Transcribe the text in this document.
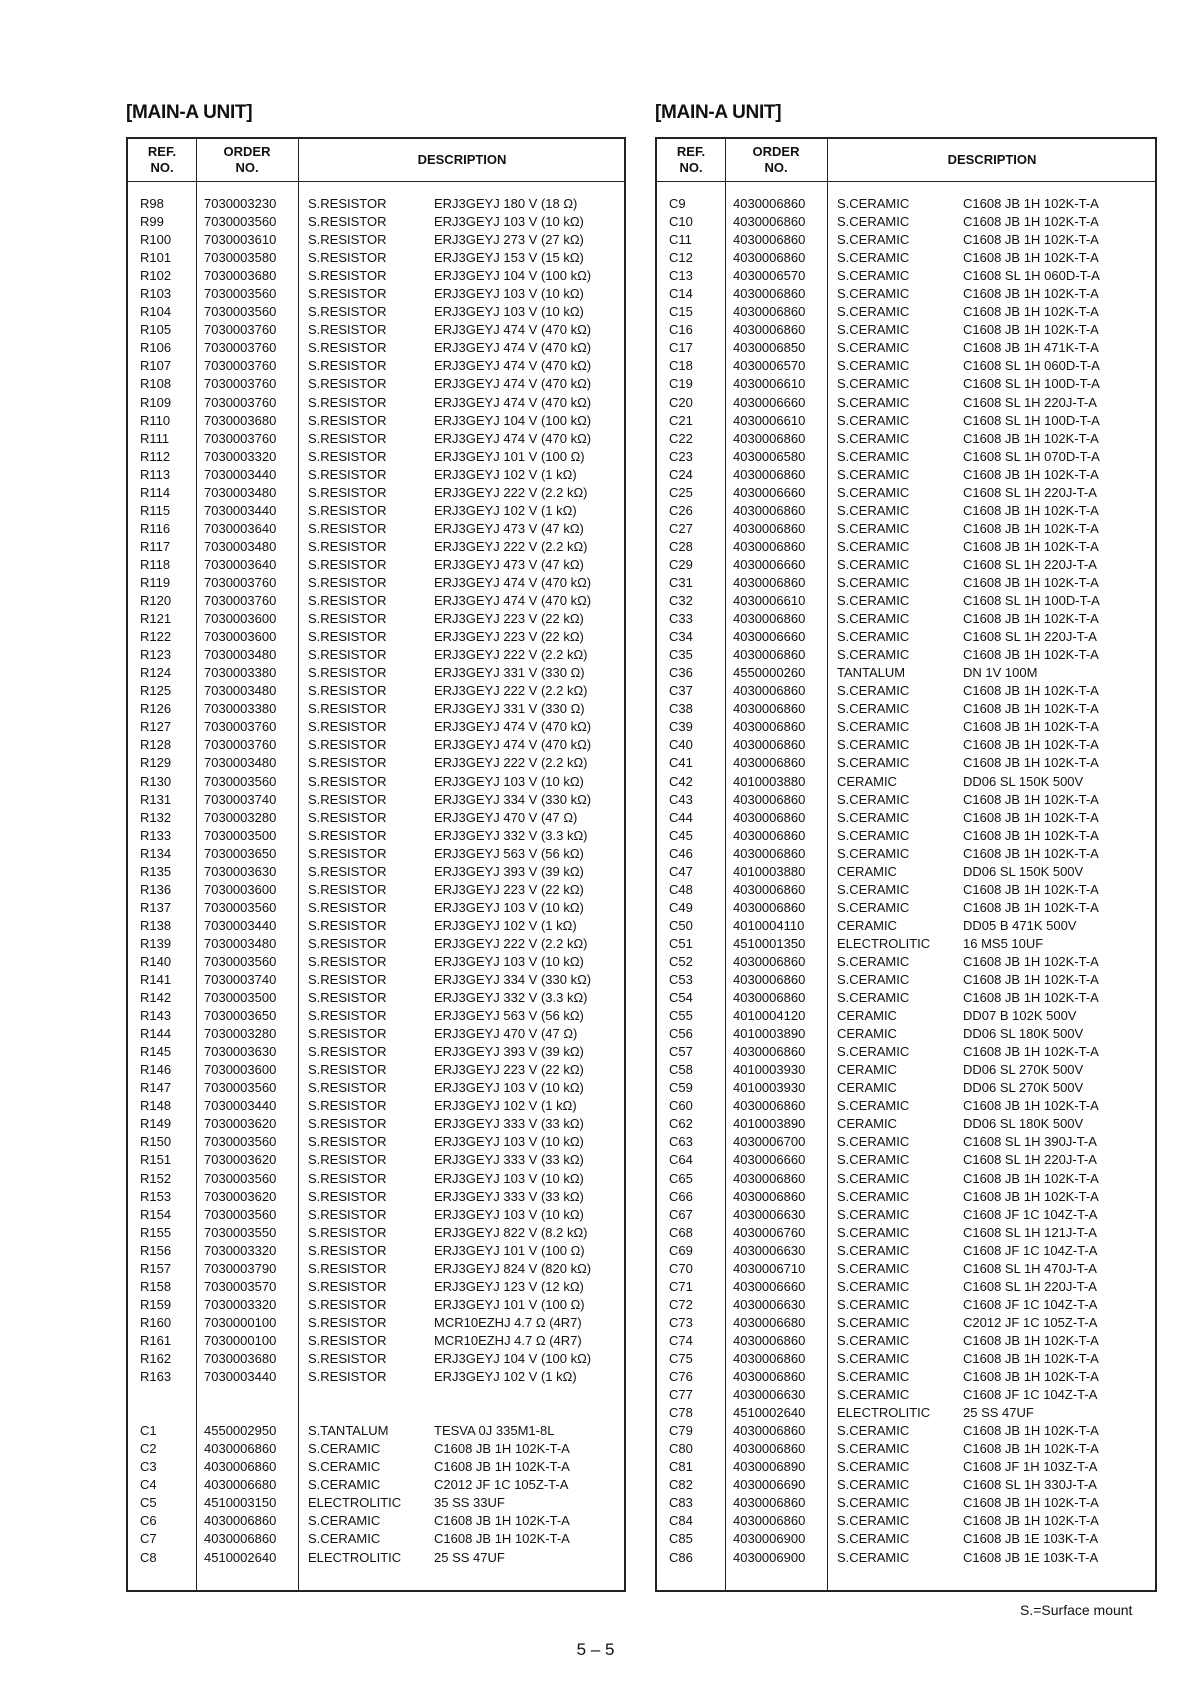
[MAIN-A UNIT]	[MAIN-A UNIT]
REF.
NO.
ORDER
NO.
DESCRIPTION
R98	7030003230 S.RESISTOR	ERJ3GEYJ 180 V (18 Ω)
R99	7030003560 S.RESISTOR	ERJ3GEYJ 103 V (10 kΩ)
R100	7030003610 S.RESISTOR	ERJ3GEYJ 273 V (27 kΩ)
R101	7030003580 S.RESISTOR	ERJ3GEYJ 153 V (15 kΩ)
R102	7030003680 S.RESISTOR	ERJ3GEYJ 104 V (100 kΩ)
R103	7030003560 S.RESISTOR	ERJ3GEYJ 103 V (10 kΩ)
R104	7030003560 S.RESISTOR	ERJ3GEYJ 103 V (10 kΩ)
R105	7030003760 S.RESISTOR	ERJ3GEYJ 474 V (470 kΩ)
R106	7030003760 S.RESISTOR	ERJ3GEYJ 474 V (470 kΩ)
R107	7030003760 S.RESISTOR	ERJ3GEYJ 474 V (470 kΩ)
R108	7030003760 S.RESISTOR	ERJ3GEYJ 474 V (470 kΩ)
R109	7030003760 S.RESISTOR	ERJ3GEYJ 474 V (470 kΩ)
R110	7030003680 S.RESISTOR	ERJ3GEYJ 104 V (100 kΩ)
R111	7030003760 S.RESISTOR	ERJ3GEYJ 474 V (470 kΩ)
R112	7030003320 S.RESISTOR	ERJ3GEYJ 101 V (100 Ω)
R113	7030003440 S.RESISTOR	ERJ3GEYJ 102 V (1 kΩ)
R114	7030003480 S.RESISTOR	ERJ3GEYJ 222 V (2.2 kΩ)
R115	7030003440 S.RESISTOR	ERJ3GEYJ 102 V (1 kΩ)
R116	7030003640 S.RESISTOR	ERJ3GEYJ 473 V (47 kΩ)
R117	7030003480 S.RESISTOR	ERJ3GEYJ 222 V (2.2 kΩ)
R118	7030003640 S.RESISTOR	ERJ3GEYJ 473 V (47 kΩ)
R119	7030003760 S.RESISTOR	ERJ3GEYJ 474 V (470 kΩ)
R120	7030003760 S.RESISTOR	ERJ3GEYJ 474 V (470 kΩ)
R121	7030003600 S.RESISTOR	ERJ3GEYJ 223 V (22 kΩ)
R122	7030003600 S.RESISTOR	ERJ3GEYJ 223 V (22 kΩ)
R123	7030003480 S.RESISTOR	ERJ3GEYJ 222 V (2.2 kΩ)
R124	7030003380 S.RESISTOR	ERJ3GEYJ 331 V (330 Ω)
R125	7030003480 S.RESISTOR	ERJ3GEYJ 222 V (2.2 kΩ)
R126	7030003380 S.RESISTOR	ERJ3GEYJ 331 V (330 Ω)
R127	7030003760 S.RESISTOR	ERJ3GEYJ 474 V (470 kΩ)
R128	7030003760 S.RESISTOR	ERJ3GEYJ 474 V (470 kΩ)
R129	7030003480 S.RESISTOR	ERJ3GEYJ 222 V (2.2 kΩ)
R130	7030003560 S.RESISTOR	ERJ3GEYJ 103 V (10 kΩ)
R131	7030003740 S.RESISTOR	ERJ3GEYJ 334 V (330 kΩ)
R132	7030003280 S.RESISTOR	ERJ3GEYJ 470 V (47 Ω)
R133	7030003500 S.RESISTOR	ERJ3GEYJ 332 V (3.3 kΩ)
R134	7030003650 S.RESISTOR	ERJ3GEYJ 563 V (56 kΩ)
R135	7030003630 S.RESISTOR	ERJ3GEYJ 393 V (39 kΩ)
R136	7030003600 S.RESISTOR	ERJ3GEYJ 223 V (22 kΩ)
R137	7030003560 S.RESISTOR	ERJ3GEYJ 103 V (10 kΩ)
R138	7030003440 S.RESISTOR	ERJ3GEYJ 102 V (1 kΩ)
R139	7030003480 S.RESISTOR	ERJ3GEYJ 222 V (2.2 kΩ)
R140	7030003560 S.RESISTOR	ERJ3GEYJ 103 V (10 kΩ)
R141	7030003740 S.RESISTOR	ERJ3GEYJ 334 V (330 kΩ)
R142	7030003500 S.RESISTOR	ERJ3GEYJ 332 V (3.3 kΩ)
R143	7030003650 S.RESISTOR	ERJ3GEYJ 563 V (56 kΩ)
R144	7030003280 S.RESISTOR	ERJ3GEYJ 470 V (47 Ω)
R145	7030003630 S.RESISTOR	ERJ3GEYJ 393 V (39 kΩ)
R146	7030003600 S.RESISTOR	ERJ3GEYJ 223 V (22 kΩ)
R147	7030003560 S.RESISTOR	ERJ3GEYJ 103 V (10 kΩ)
R148	7030003440 S.RESISTOR	ERJ3GEYJ 102 V (1 kΩ)
R149	7030003620 S.RESISTOR	ERJ3GEYJ 333 V (33 kΩ)
R150	7030003560 S.RESISTOR	ERJ3GEYJ 103 V (10 kΩ)
R151	7030003620 S.RESISTOR	ERJ3GEYJ 333 V (33 kΩ)
R152	7030003560 S.RESISTOR	ERJ3GEYJ 103 V (10 kΩ)
R153	7030003620 S.RESISTOR	ERJ3GEYJ 333 V (33 kΩ)
R154	7030003560 S.RESISTOR	ERJ3GEYJ 103 V (10 kΩ)
R155	7030003550 S.RESISTOR	ERJ3GEYJ 822 V (8.2 kΩ)
R156	7030003320 S.RESISTOR	ERJ3GEYJ 101 V (100 Ω)
R157	7030003790 S.RESISTOR	ERJ3GEYJ 824 V (820 kΩ)
R158	7030003570 S.RESISTOR	ERJ3GEYJ 123 V (12 kΩ)
R159	7030003320 S.RESISTOR	ERJ3GEYJ 101 V (100 Ω)
R160	7030000100 S.RESISTOR	MCR10EZHJ 4.7 Ω (4R7)
R161	7030000100 S.RESISTOR	MCR10EZHJ 4.7 Ω (4R7)
R162	7030003680 S.RESISTOR	ERJ3GEYJ 104 V (100 kΩ)
R163	7030003440 S.RESISTOR	ERJ3GEYJ 102 V (1 kΩ)
C1	4550002950 S.TANTALUM	TESVA 0J 335M1-8L
C2	4030006860 S.CERAMIC	C1608 JB 1H 102K-T-A
C3	4030006860 S.CERAMIC	C1608 JB 1H 102K-T-A
C4	4030006680 S.CERAMIC	C2012 JF 1C 105Z-T-A
C5	4510003150 ELECTROLITIC	35 SS 33UF
C6	4030006860 S.CERAMIC	C1608 JB 1H 102K-T-A
C7	4030006860 S.CERAMIC	C1608 JB 1H 102K-T-A
C8	4510002640 ELECTROLITIC	25 SS 47UF
REF.
NO.
ORDER
NO.
DESCRIPTION
C9	4030006860 S.CERAMIC	C1608 JB 1H 102K-T-A
C10	4030006860 S.CERAMIC	C1608 JB 1H 102K-T-A
C11	4030006860 S.CERAMIC	C1608 JB 1H 102K-T-A
C12	4030006860 S.CERAMIC	C1608 JB 1H 102K-T-A
C13	4030006570 S.CERAMIC	C1608 SL 1H 060D-T-A
C14	4030006860 S.CERAMIC	C1608 JB 1H 102K-T-A
C15	4030006860 S.CERAMIC	C1608 JB 1H 102K-T-A
C16	4030006860 S.CERAMIC	C1608 JB 1H 102K-T-A
C17	4030006850 S.CERAMIC	C1608 JB 1H 471K-T-A
C18	4030006570 S.CERAMIC	C1608 SL 1H 060D-T-A
C19	4030006610 S.CERAMIC	C1608 SL 1H 100D-T-A
C20	4030006660 S.CERAMIC	C1608 SL 1H 220J-T-A
C21	4030006610 S.CERAMIC	C1608 SL 1H 100D-T-A
C22	4030006860 S.CERAMIC	C1608 JB 1H 102K-T-A
C23	4030006580 S.CERAMIC	C1608 SL 1H 070D-T-A
C24	4030006860 S.CERAMIC	C1608 JB 1H 102K-T-A
C25	4030006660 S.CERAMIC	C1608 SL 1H 220J-T-A
C26	4030006860 S.CERAMIC	C1608 JB 1H 102K-T-A
C27	4030006860 S.CERAMIC	C1608 JB 1H 102K-T-A
C28	4030006860 S.CERAMIC	C1608 JB 1H 102K-T-A
C29	4030006660 S.CERAMIC	C1608 SL 1H 220J-T-A
C31	4030006860 S.CERAMIC	C1608 JB 1H 102K-T-A
C32	4030006610 S.CERAMIC	C1608 SL 1H 100D-T-A
C33	4030006860 S.CERAMIC	C1608 JB 1H 102K-T-A
C34	4030006660 S.CERAMIC	C1608 SL 1H 220J-T-A
C35	4030006860 S.CERAMIC	C1608 JB 1H 102K-T-A
C36	4550000260 TANTALUM	DN 1V 100M
C37	4030006860 S.CERAMIC	C1608 JB 1H 102K-T-A
C38	4030006860 S.CERAMIC	C1608 JB 1H 102K-T-A
C39	4030006860 S.CERAMIC	C1608 JB 1H 102K-T-A
C40	4030006860 S.CERAMIC	C1608 JB 1H 102K-T-A
C41	4030006860 S.CERAMIC	C1608 JB 1H 102K-T-A
C42	4010003880 CERAMIC	DD06 SL 150K 500V
C43	4030006860 S.CERAMIC	C1608 JB 1H 102K-T-A
C44	4030006860 S.CERAMIC	C1608 JB 1H 102K-T-A
C45	4030006860 S.CERAMIC	C1608 JB 1H 102K-T-A
C46	4030006860 S.CERAMIC	C1608 JB 1H 102K-T-A
C47	4010003880 CERAMIC	DD06 SL 150K 500V
C48	4030006860 S.CERAMIC	C1608 JB 1H 102K-T-A
C49	4030006860 S.CERAMIC	C1608 JB 1H 102K-T-A
C50	4010004110	CERAMIC	DD05 B 471K 500V
C51	4510001350 ELECTROLITIC	16 MS5 10UF
C52	4030006860 S.CERAMIC	C1608 JB 1H 102K-T-A
C53	4030006860 S.CERAMIC	C1608 JB 1H 102K-T-A
C54	4030006860 S.CERAMIC	C1608 JB 1H 102K-T-A
C55	4010004120 CERAMIC	DD07 B 102K 500V
C56	4010003890 CERAMIC	DD06 SL 180K 500V
C57	4030006860 S.CERAMIC	C1608 JB 1H 102K-T-A
C58	4010003930 CERAMIC	DD06 SL 270K 500V
C59	4010003930 CERAMIC	DD06 SL 270K 500V
C60	4030006860 S.CERAMIC	C1608 JB 1H 102K-T-A
C62	4010003890 CERAMIC	DD06 SL 180K 500V
C63	4030006700 S.CERAMIC	C1608 SL 1H 390J-T-A
C64	4030006660 S.CERAMIC	C1608 SL 1H 220J-T-A
C65	4030006860 S.CERAMIC	C1608 JB 1H 102K-T-A
C66	4030006860 S.CERAMIC	C1608 JB 1H 102K-T-A
C67	4030006630 S.CERAMIC	C1608 JF 1C 104Z-T-A
C68	4030006760 S.CERAMIC	C1608 SL 1H 121J-T-A
C69	4030006630 S.CERAMIC	C1608 JF 1C 104Z-T-A
C70	4030006710 S.CERAMIC	C1608 SL 1H 470J-T-A
C71	4030006660 S.CERAMIC	C1608 SL 1H 220J-T-A
C72	4030006630 S.CERAMIC	C1608 JF 1C 104Z-T-A
C73	4030006680 S.CERAMIC	C2012 JF 1C 105Z-T-A
C74	4030006860 S.CERAMIC	C1608 JB 1H 102K-T-A
C75	4030006860 S.CERAMIC	C1608 JB 1H 102K-T-A
C76	4030006860 S.CERAMIC	C1608 JB 1H 102K-T-A
C77	4030006630 S.CERAMIC	C1608 JF 1C 104Z-T-A
C78	4510002640 ELECTROLITIC	25 SS 47UF
C79	4030006860 S.CERAMIC	C1608 JB 1H 102K-T-A
C80	4030006860 S.CERAMIC	C1608 JB 1H 102K-T-A
C81	4030006890 S.CERAMIC	C1608 JF 1H 103Z-T-A
C82	4030006690 S.CERAMIC	C1608 SL 1H 330J-T-A
C83	4030006860 S.CERAMIC	C1608 JB 1H 102K-T-A
C84	4030006860 S.CERAMIC	C1608 JB 1H 102K-T-A
C85	4030006900 S.CERAMIC	C1608 JB 1E 103K-T-A
C86	4030006900 S.CERAMIC	C1608 JB 1E 103K-T-A
S.=Surface mount
5 – 5
